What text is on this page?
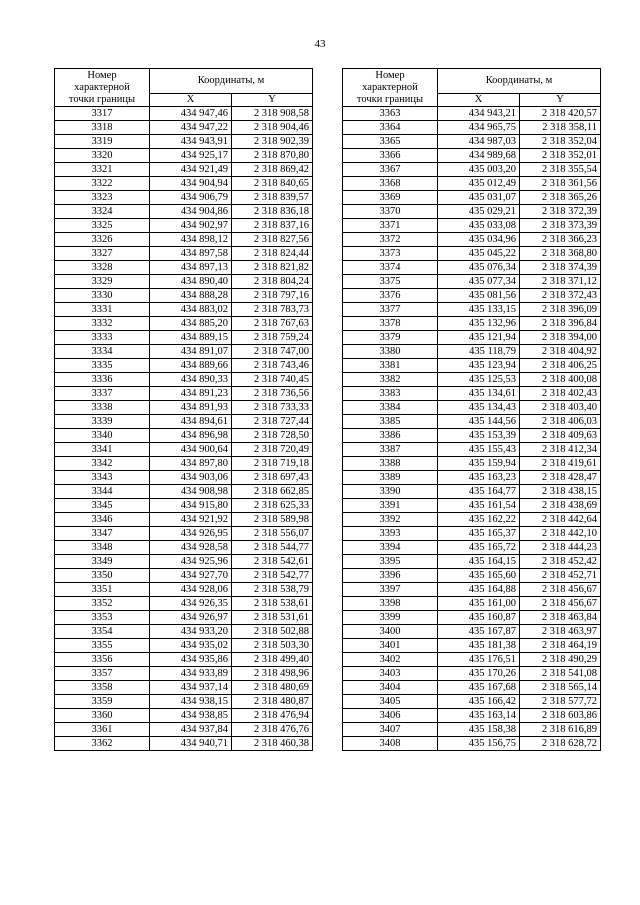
43
Номер
характерной
точки границы	Координаты, м	
	X	Y
3317	434 947,46	2 318 908,58
3318	434 947,22	2 318 904,46
3319	434 943,91	2 318 902,39
3320	434 925,17	2 318 870,80
3321	434 921,49	2 318 869,42
3322	434 904,94	2 318 840,65
3323	434 906,79	2 318 839,57
3324	434 904,86	2 318 836,18
3325	434 902,97	2 318 837,16
3326	434 898,12	2 318 827,56
3327	434 897,58	2 318 824,44
3328	434 897,13	2 318 821,82
3329	434 890,40	2 318 804,24
3330	434 888,28	2 318 797,16
3331	434 883,02	2 318 783,73
3332	434 885,20	2 318 767,63
3333	434 889,15	2 318 759,24
3334	434 891,07	2 318 747,00
3335	434 889,66	2 318 743,46
3336	434 890,33	2 318 740,45
3337	434 891,23	2 318 736,56
3338	434 891,93	2 318 733,33
3339	434 894,61	2 318 727,44
3340	434 896,98	2 318 728,50
3341	434 900,64	2 318 720,49
3342	434 897,80	2 318 719,18
3343	434 903,06	2 318 697,43
3344	434 908,98	2 318 662,85
3345	434 915,80	2 318 625,33
3346	434 921,92	2 318 589,98
3347	434 926,95	2 318 556,07
3348	434 928,58	2 318 544,77
3349	434 925,96	2 318 542,61
3350	434 927,70	2 318 542,77
3351	434 928,06	2 318 538,79
3352	434 926,35	2 318 538,61
3353	434 926,97	2 318 531,61
3354	434 933,20	2 318 502,88
3355	434 935,02	2 318 503,30
3356	434 935,86	2 318 499,40
3357	434 933,89	2 318 498,96
3358	434 937,14	2 318 480,69
3359	434 938,15	2 318 480,87
3360	434 938,85	2 318 476,94
3361	434 937,84	2 318 476,76
3362	434 940,71	2 318 460,38
Номер
характерной
точки границы	Координаты, м	
	X	Y
3363	434 943,21	2 318 420,57
3364	434 965,75	2 318 358,11
3365	434 987,03	2 318 352,04
3366	434 989,68	2 318 352,01
3367	435 003,20	2 318 355,54
3368	435 012,49	2 318 361,56
3369	435 031,07	2 318 365,26
3370	435 029,21	2 318 372,39
3371	435 033,08	2 318 373,39
3372	435 034,96	2 318 366,23
3373	435 045,22	2 318 368,80
3374	435 076,34	2 318 374,39
3375	435 077,34	2 318 371,12
3376	435 081,56	2 318 372,43
3377	435 133,15	2 318 396,09
3378	435 132,96	2 318 396,84
3379	435 121,94	2 318 394,00
3380	435 118,79	2 318 404,92
3381	435 123,94	2 318 406,25
3382	435 125,53	2 318 400,08
3383	435 134,61	2 318 402,43
3384	435 134,43	2 318 403,40
3385	435 144,56	2 318 406,03
3386	435 153,39	2 318 409,63
3387	435 155,43	2 318 412,34
3388	435 159,94	2 318 419,61
3389	435 163,23	2 318 428,47
3390	435 164,77	2 318 438,15
3391	435 161,54	2 318 438,69
3392	435 162,22	2 318 442,64
3393	435 165,37	2 318 442,10
3394	435 165,72	2 318 444,23
3395	435 164,15	2 318 452,42
3396	435 165,60	2 318 452,71
3397	435 164,88	2 318 456,67
3398	435 161,00	2 318 456,67
3399	435 160,87	2 318 463,84
3400	435 167,87	2 318 463,97
3401	435 181,38	2 318 464,19
3402	435 176,51	2 318 490,29
3403	435 170,26	2 318 541,08
3404	435 167,68	2 318 565,14
3405	435 166,42	2 318 577,72
3406	435 163,14	2 318 603,86
3407	435 158,38	2 318 616,89
3408	435 156,75	2 318 628,72
